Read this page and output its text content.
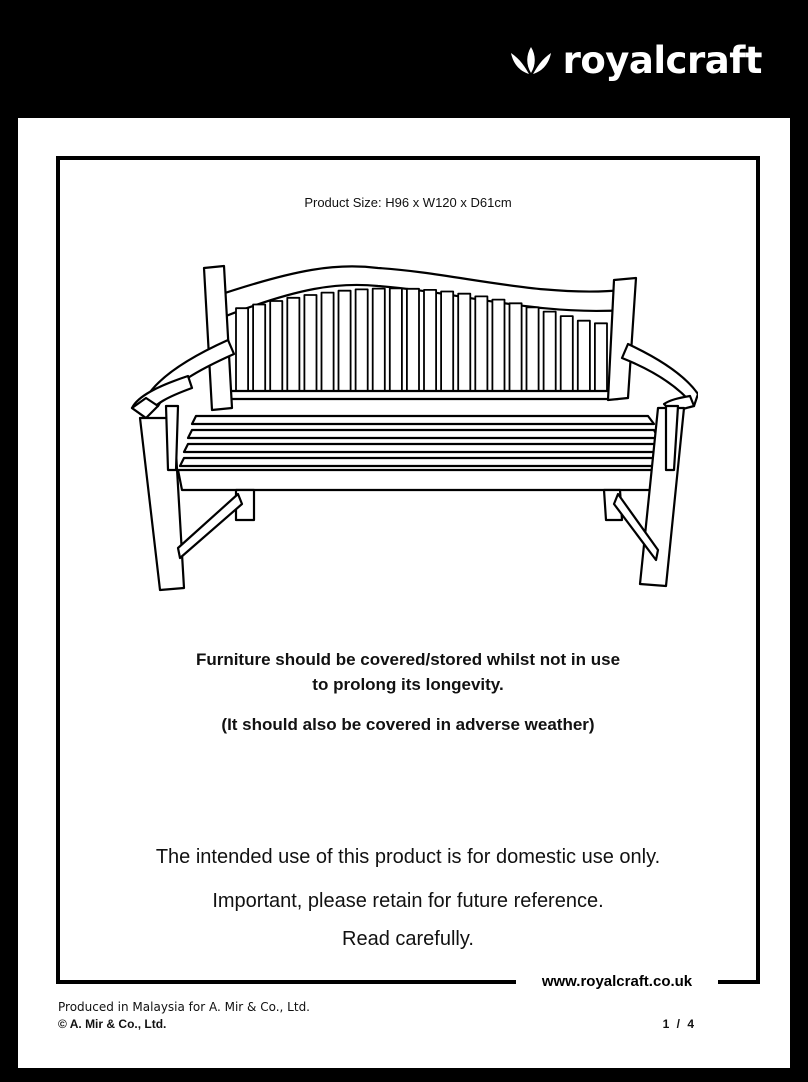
royalcraft
Product Size: H96 x W120 x D61cm
Furniture should be covered/stored whilst not in use
to prolong its longevity.
(It should also be covered in adverse weather)
The intended use of this product is for domestic use only.
Important, please retain for future reference.
Read carefully.
www.royalcraft.co.uk
Produced in Malaysia for A. Mir & Co., Ltd.
© A. Mir & Co., Ltd.	1 / 4
